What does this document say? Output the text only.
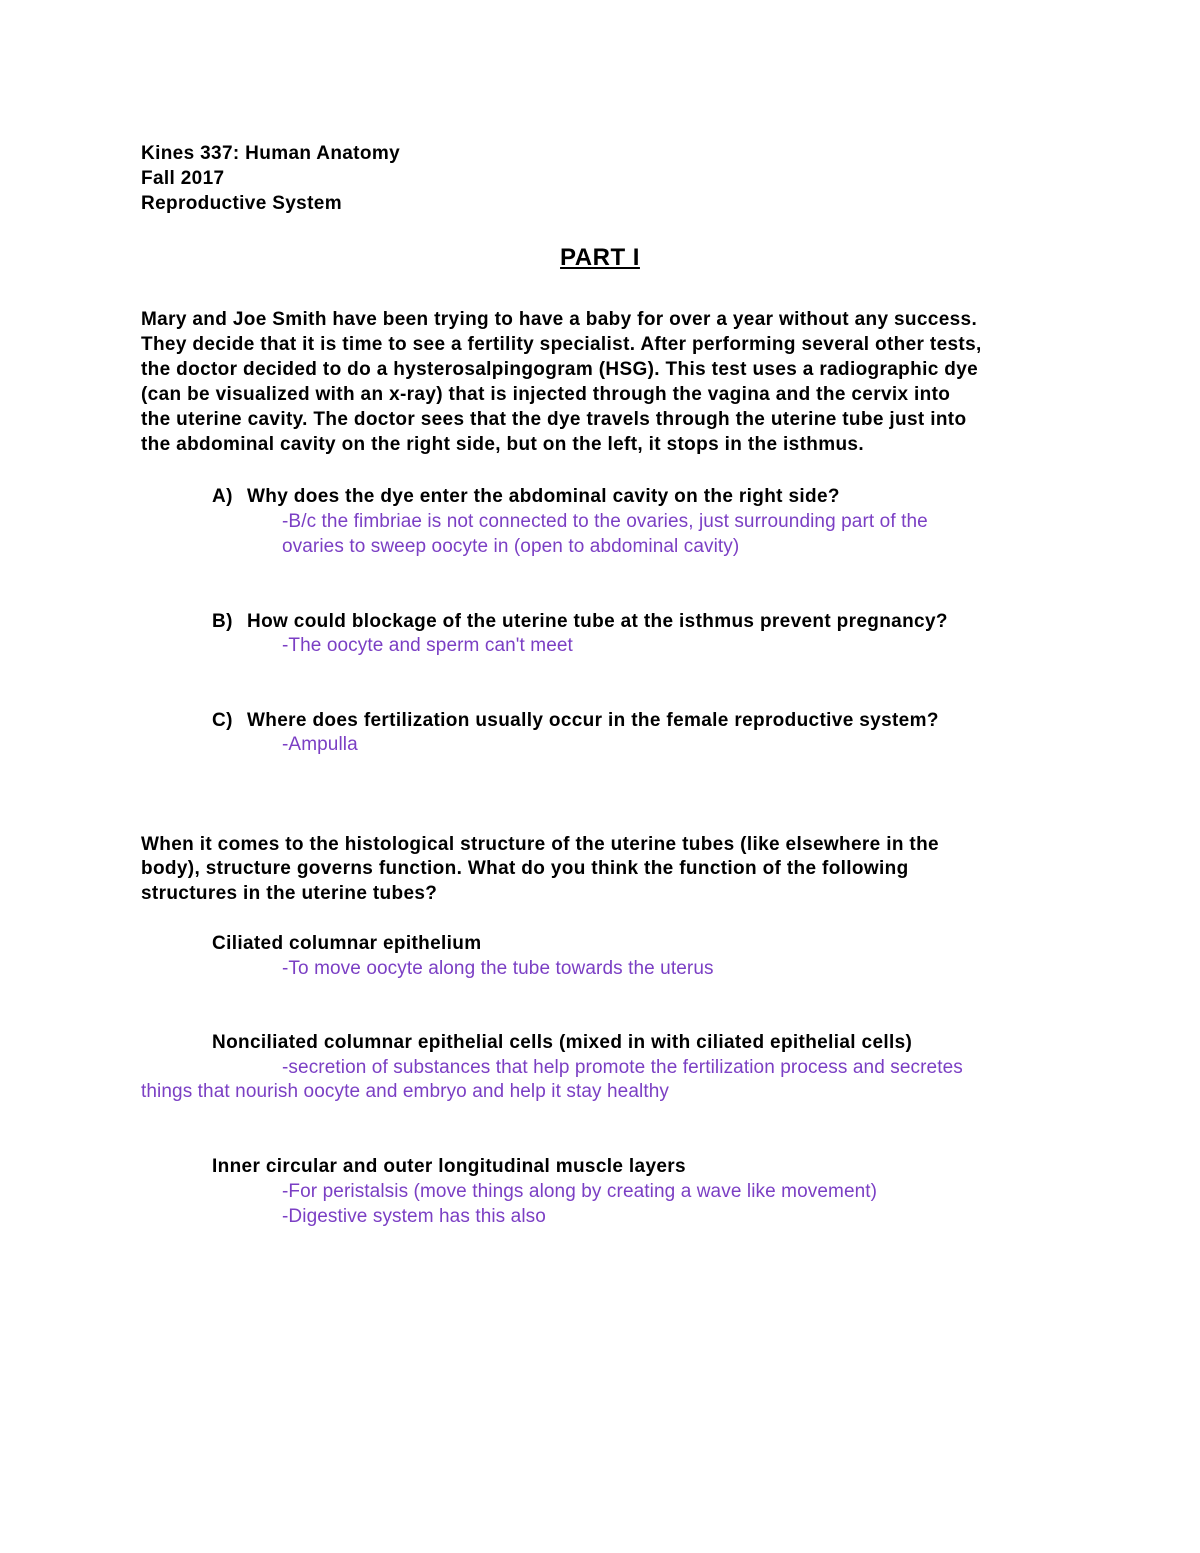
Kines 337: Human Anatomy
Fall 2017
Reproductive System
PART I
Mary and Joe Smith have been trying to have a baby for over a year without any success.
They decide that it is time to see a fertility specialist. After performing several other tests,
the doctor decided to do a hysterosalpingogram (HSG). This test uses a radiographic dye
(can be visualized with an x-ray) that is injected through the vagina and the cervix into
the uterine cavity. The doctor sees that the dye travels through the uterine tube just into
the abdominal cavity on the right side, but on the left, it stops in the isthmus.
A) Why does the dye enter the abdominal cavity on the right side?
-B/c the fimbriae is not connected to the ovaries, just surrounding part of the
ovaries to sweep oocyte in (open to abdominal cavity)
B) How could blockage of the uterine tube at the isthmus prevent pregnancy?
-The oocyte and sperm can't meet
C) Where does fertilization usually occur in the female reproductive system?
-Ampulla
When it comes to the histological structure of the uterine tubes (like elsewhere in the
body), structure governs function. What do you think the function of the following
structures in the uterine tubes?
Ciliated columnar epithelium
-To move oocyte along the tube towards the uterus
Nonciliated columnar epithelial cells (mixed in with ciliated epithelial cells)
-secretion of substances that help promote the fertilization process and secretes
things that nourish oocyte and embryo and help it stay healthy
Inner circular and outer longitudinal muscle layers
-For peristalsis (move things along by creating a wave like movement)
-Digestive system has this also
